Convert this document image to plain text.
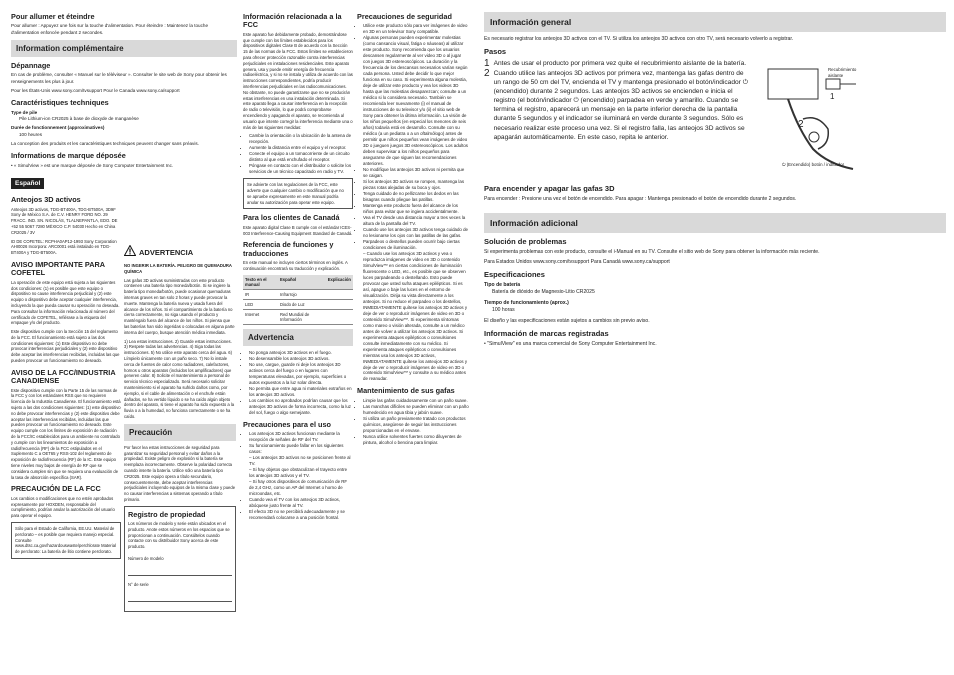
Pour allumer et éteindre

Pour allumer : Appuyez une fois sur la touche d'alimentation. Pour éteindre : Maintenez la touche d'alimentation enfoncée pendant 2 secondes.

Information complémentaire
Dépannage

En cas de problème, consulter « Manuel sur le téléviseur ». Consulter le site web de Sony pour obtenir les renseignements les plus à jour.

Pour les États-Unis www.sony.com/tvsupport Pour le Canada www.sony.ca/support

Caractéristiques techniques

Type de pile

Pile Lithium-ion CR2025 à base de dioxyde de manganèse

Durée de fonctionnement (approximatives)

100 heures

La conception des produits et les caractéristiques techniques peuvent changer sans préavis.

Informations de marque déposée

• « SimulView » est une marque déposée de Sony Computer Entertainment Inc.

Español
Anteojos 3D activos

Anteojos 3D activos, TDG-BT400A, TDG-BT500A, 3D9F Sony de México S.A. de C.V. HENRY FORD NO. 29 FRACC. IND. SN. NICOLÁS, TLALNEPANTLA, EDO. DE +52 55 5067 7280 MÉXICO C.P. 54030 Hecho en China CR2025 / 3V

ID DE COFETEL: RCPHA0AP12-1993 Sony Corporation AHI0026 Incorpora: ARC0001 está instalado en TDG-BT400A y TDG-BT500A.

AVISO IMPORTANTE PARA COFETEL

La operación de este equipo está sujeta a las siguientes dos condiciones: (1) es posible que este equipo o dispositivo no cause interferencia perjudicial y (2) este equipo o dispositivo debe aceptar cualquier interferencia, incluyendo la que pueda causar su operación no deseada. Para consultar la información relacionada al número del certificado de COFETEL, refiérase a la etiqueta del empaque y/o del producto.

Este dispositivo cumple con la Sección 15 del reglamento de la FCC. El funcionamiento está sujeto a las dos condiciones siguientes: (1) Este dispositivo no debe provocar interferencias perjudiciales y (2) este dispositivo debe aceptar las interferencias recibidas, incluidas las que pueden provocar un funcionamiento no deseado.

AVISO DE LA FCC/INDUSTRIA CANADIENSE

Este dispositivo cumple con la Parte 15 de las normas de la FCC y con los estándares RSS que no requieren licencia de la Industria Canadiense. El funcionamiento está sujeto a las dos condiciones siguientes: (1) este dispositivo no debe provocar interferencias y (2) este dispositivo debe aceptar las interferencias recibidas, incluidas las que pueden provocar un funcionamiento no deseado. Este equipo cumple con los límites de exposición de radiación de la FCC/IC establecidos para un ambiente no controlado y cumple con los lineamientos de exposición a radiofrecuencia (RF) de la FCC estipulados en el Suplemento C a OET65 y RSS-102 del reglamento de exposición de radiofrecuencia (RF) de la IC. Este equipo tiene niveles muy bajos de energía de RF que se considera cumplen sin que se requiera una evaluación de la tasa de absorción específica (SAR).

PRECAUCIÓN DE LA FCC

Los cambios o modificaciones que no estén aprobados expresamente por HOXDEN, responsable del cumplimiento, podrían anular la autorización del usuario para operar el equipo.

Sólo para el Estado de California, EE.UU. Material de perclorato – es posible que requiera manejo especial. Consulte www.dtsc.ca.gov/hazardouswaste/perchlorate Material de perclorato: La batería de litio contiene perclorato.

Información relacionada a la FCC

Este aparato fue debidamente probado, demostrándose que cumple con los límites establecidos para los dispositivos digitales Clase B de acuerdo con la Sección 15 de las normas de la FCC. Estos límites se establecieron para ofrecer protección razonable contra interferencias perjudiciales en instalaciones residenciales. Este aparato genera, usa y puede emitir energía de frecuencia radioeléctrica, y si no se instala y utiliza de acuerdo con las instrucciones correspondientes, podría producir interferencias perjudiciales en las radiocomunicaciones. No obstante, no puede garantizarse que no se producirán estas interferencias en una instalación determinada. Si este aparato llega a causar interferencia en la recepción de radio o televisión, lo que podrá comprobarse encendiendo y apagando el aparato, se recomienda al usuario que intente corregir la interferencia mediante una o más de las siguientes medidas:

• Cambie la orientación o la ubicación de la antena de recepción.
• Aumente la distancia entre el equipo y el receptor.
• Conecte el equipo a un tomacorriente de un circuito distinto al que está enchufado el receptor.
• Póngase en contacto con el distribuidor o solicite los servicios de un técnico capacitado en radio y TV.

Se advierte con las regulaciones de la FCC, este adverte que cualquier cambio o modificación que no se apruebe expresamente en este manual podría anular su autorización para operar este equipo.

Para los clientes de Canadá

Este aparato digital Clase B cumple con el estándar ICES-003 Interference-Causing Equipment Standard de Canadá.

Referencia de funciones y traducciones

En este manual se incluyen ciertos términos en inglés. A continuación encontrará su traducción y explicación.

Texto en el manual	Español	Explicación
IR	Infrarrojo	
LED	Diodo de Luz	
Internet	Red Mundial de Información	
Advertencia
• No ponga anteojos 3D activos en el fuego.
• No desensamble los anteojos 3D activos.
• No use, cargue, guarde ni deje los anteojos 3D activos cerca del fuego o en lugares con temperaturas elevadas, por ejemplo, superficies o autos expuestos a la luz solar directa.
• No permita que entre agua ni materiales extraños en los anteojos 3D activos.
• Los cambios no aprobados podrían causar que los anteojos 3D activos de forma incorrecta, como la luz del sol, fuego o algo semejante.
Precauciones para el uso
• Los anteojos 3D activos funcionan mediante la recepción de señales de RF del TV.
• Su funcionamiento puede fallar en los siguientes casos:
– Los anteojos 3D activos no se posicionen frente al TV.
– Si hay objetos que obstaculizan el trayecto entre los anteojos 3D activos y el TV.
– Si hay otros dispositivos de comunicación de RF de 2,4 GHz, como un AP del Internet o horno de microondas, etc.
• Cuando vea el TV con los anteojos 3D activos, abóquese justo frente al TV.
• El efecto 3D no se percibirá adecuadamente y se recomendará colocarse a una posición frontal.
ADVERTENCIA

NO INGERIR LA BATERÍA. PELIGRO DE QUEMADURA QUÍMICA

Las gafas 3D activas suministradas con este producto contienen una batería tipo moneda/botón. Si se ingiere la batería tipo moneda/botón, puede ocasionar quemaduras internas graves en tan solo 2 horas y puede provocar la muerte. Mantenga la batería nueva y usada fuera del alcance de los niños. Si el compartimiento de la batería no cierra correctamente, no siga usando el producto y manténgalo fuera del alcance de los niños. Si piensa que las baterías han sido ingeridas o colocadas en alguna parte interna del cuerpo, busque atención médica inmediata.

1) Lea estas instrucciones. 2) Guarde estas instrucciones. 3) Respete todas las advertencias. 4) Siga todas las instrucciones. 5) No utilice este aparato cerca del agua. 6) Límpielo únicamente con un paño seco. 7) No lo instale cerca de fuentes de calor como radiadores, calefactores, hornos u otros aparatos (incluidos los amplificadores) que generen calor. 8) Solicite el mantenimiento a personal de servicio técnico especializado. Será necesario solicitar mantenimiento si el aparato ha sufrido daños como, por ejemplo, si el cable de alimentación o el enchufe están dañados, se ha vertido líquido o se ha caído algún objeto dentro del aparato, si tiene el aparato ha sido expuesto a la lluvia o a la humedad, no funciona correctamente o se ha caído.

Precaución

Por favor lea estas instrucciones de seguridad para garantizar su seguridad personal y evitar daños a la propiedad. Existe peligro de explosión si la batería se reemplaza incorrectamente. Observe la polaridad correcta cuando inserte la batería. Utilice sólo una batería tipo CR2025. Este equipo opera a título secundario, consecuentemente, debe aceptar interferencias perjudiciales incluyendo equipos de la misma clase y puede no causar interferencias a sistemas operando a título primario.

Registro de propiedad

Los números de modelo y serie están ubicados en el producto. Anote estos números en los espacios que se proporcionan a continuación. Consúltelos cuando contacte con su distribuidor Sony acerca de este producto.

Número de modelo

N° de serie

Precauciones de seguridad
• Utilice este producto sólo para ver imágenes de video en 3D en un televisor Sony compatible.
• Algunas personas pueden experimentar molestias (como cansancio visual, fatiga o náuseas) al utilizar este producto. Sony recomienda que los usuarios descansen regularmente al ver video 3D o al jugar con juegos 3D estereoscópicos. La duración y la frecuencia de los descansos necesarios varían según cada persona. Usted debe decidir lo que mejor funciona en su caso. Si experimenta alguna molestia, deje de utilizar este producto y vea los videos 3D hasta que las molestias desaparezcan; consulte a un médico si lo considera necesario. También se recomienda leer nuevamente (i) el manual de instrucciones de su televisor y/o (ii) el sitio web de Sony para obtener la última información. La visión de los niños pequeños (en especial los menores de seis años) todavía está en desarrollo. Consulte con su médico (a un pediatra o a un oftalmólogo) antes de permitir que niños pequeños vean imágenes de video 3D o jueguen juegos 3D estereoscópicos. Los adultos deben supervisar a los niños pequeños para asegurarse de que siguen las recomendaciones anteriores.
• No modifique las anteojos 3D activos ni permita que se caigan.
• Si los anteojos 3D activos se rompen, mantenga las piezas rotas alejadas de su boca y ojos.
• Tenga cuidado de no pellizcarse los dedos en las bisagras cuando pliegue las patillas.
• Mantenga este producto fuera del alcance de los niños para evitar que se ingiera accidentalmente.
• Vea el TV desde una distancia mayor a tres veces la altura de la pantalla del TV.
• Cuando use los anteojos 3D activos tenga cuidado de no lesionarse los ojos con las patillas de las gafas.
• Parpadeos o destellos pueden ocurrir bajo ciertas condiciones de iluminación.
– Cuando use los anteojos 3D activos y vea o reproduzca imágenes de video en 3D o contenido SimulView™ en ciertas condiciones de iluminación fluorescente o LED, etc., es posible que se observen luces parpadeando o destellando. Esto puede provocar que usted sufra ataques epilépticos. Si es así, apague o baje las luces en el entorno de visualización. Dirija su vista directamente a los anteojos. Si no reduce el parpadeo o los destellos, INMEDIATAMENTE quítese los anteojos 3D activos y deje de ver o reproducir imágenes de video en 3D o contenido SimulView™. Si experimenta síntomas como mareo o visión alterada, consulte a un médico antes de volver a utilizar los anteojos 3D activos. Si experimenta ataques epilépticos o convulsiones consulte inmediatamente con su médico. Si experimenta ataques epilépticos o convulsiones mientras usa los anteojos 3D activos, INMEDIATAMENTE quítese los anteojos 3D activos y deje de ver o reproducir imágenes de video en 3D o contenido SimulView™ y consulte a su médico antes de reanudar.
Mantenimiento de sus gafas
• Limpie las gafas cuidadosamente con un paño suave.
• Las manchas difíciles se pueden eliminar con un paño humedecido en agua tibia y jabón suave.
• Si utiliza un paño previamente tratado con productos químicos, asegúrese de seguir las instrucciones proporcionadas en el envase.
• Nunca utilice solventes fuertes como diluyentes de pintura, alcohol o bencina para limpiar.
Información general

Es necesario registrar los anteojos 3D activos con el TV. Si utiliza los anteojos 3D activos con otro TV, será necesario volverlo a registrar.

Pasos
1 Antes de usar el producto por primera vez quite el recubrimiento aislante de la batería.
2 Cuando utilice las anteojos 3D activos por primera vez, mantenga las gafas dentro de un rango de 50 cm del TV, encienda el TV y mantenga presionado el botón/indicador ⏻ (encendido) durante 2 segundos. Las anteojos 3D activos se encienden e inicia el registro (el botón/indicador ⏻ (encendido) parpadea en verde y amarillo. Cuando se termina el registro, aparecerá un mensaje en la parte inferior derecha de la pantalla durante 5 segundos y el indicador se iluminará en verde durante 3 segundos. Sólo es necesario realizar este proceso una vez. Si el registro falla, las anteojos 3D activos se apagarán automáticamente. En este caso, repita le anterior.
2
1

Recubrimiento aislante

⏻ (Encendido) botón / indicador

Para encender y apagar las gafas 3D

Para encender : Presione una vez el botón de encendido. Para apagar : Mantenga presionado el botón de encendido durante 2 segundos.

Información adicional
Solución de problemas

Si experimenta problemas con este producto, consulte el i-Manual en su TV. Consulte el sitio web de Sony para obtener la información más reciente.

Para Estados Unidos www.sony.com/tvsupport Para Canadá www.sony.ca/support

Especificaciones

Tipo de batería

Batería de dióxido de Magnesio-Litio CR2025

Tiempo de funcionamiento (aprox.)

100 horas

El diseño y las especificaciones están sujetos a cambios sin previo aviso.

Información de marcas registradas

• "SimulView" es una marca comercial de Sony Computer Entertainment Inc.
